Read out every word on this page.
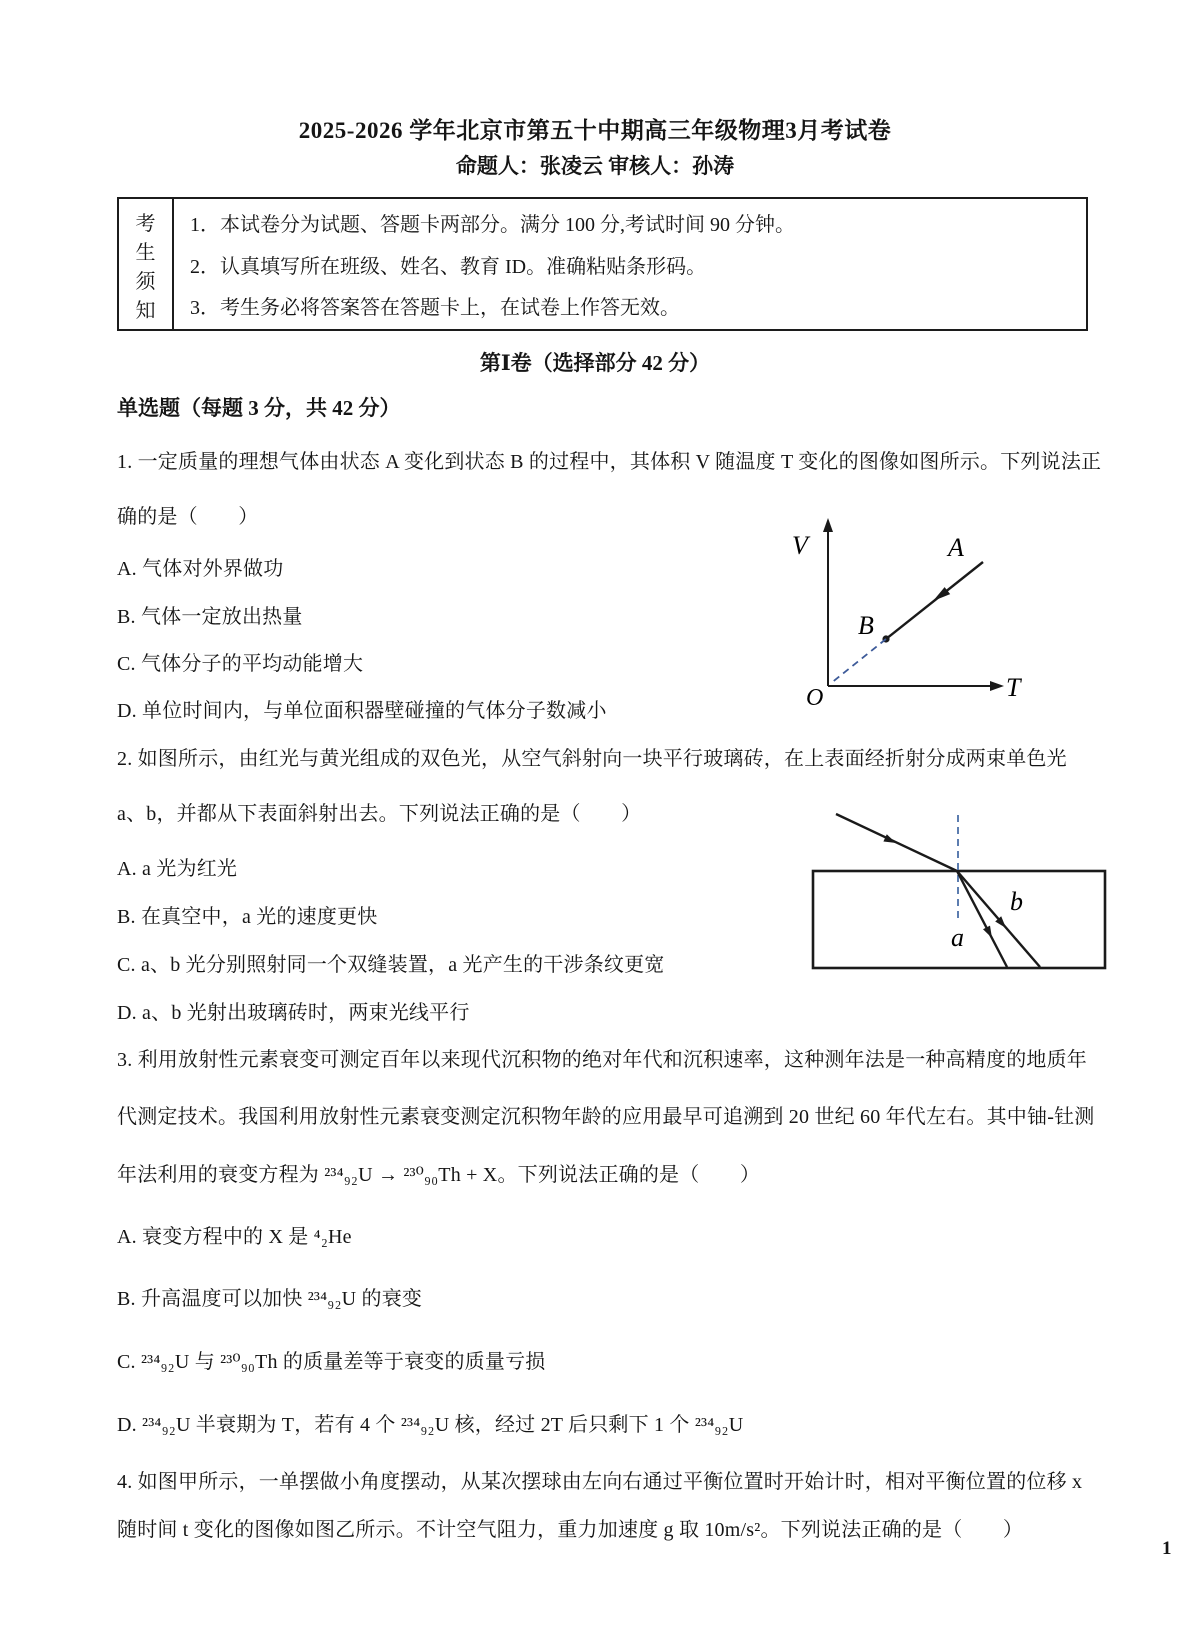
2025-2026 学年北京市第五十中期高三年级物理3月考试卷
命题人：张凌云 审核人：孙涛
考
生
须
知
1．本试卷分为试题、答题卡两部分。满分 100 分,考试时间 90 分钟。
2．认真填写所在班级、姓名、教育 ID。准确粘贴条形码。
3．考生务必将答案答在答题卡上，在试卷上作答无效。
第Ⅰ卷（选择部分 42 分）
单选题（每题 3 分，共 42 分）
1. 一定质量的理想气体由状态 A 变化到状态 B 的过程中，其体积 V 随温度 T 变化的图像如图所示。下列说法正
确的是（　　）
A. 气体对外界做功
B. 气体一定放出热量
C. 气体分子的平均动能增大
D. 单位时间内，与单位面积器壁碰撞的气体分子数减小
V
T
O
A
B
2. 如图所示，由红光与黄光组成的双色光，从空气斜射向一块平行玻璃砖，在上表面经折射分成两束单色光
a、b，并都从下表面斜射出去。下列说法正确的是（　　）
A. a 光为红光
B. 在真空中，a 光的速度更快
C. a、b 光分别照射同一个双缝装置，a 光产生的干涉条纹更宽
D. a、b 光射出玻璃砖时，两束光线平行
a
b
3. 利用放射性元素衰变可测定百年以来现代沉积物的绝对年代和沉积速率，这种测年法是一种高精度的地质年
代测定技术。我国利用放射性元素衰变测定沉积物年龄的应用最早可追溯到 20 世纪 60 年代左右。其中铀-钍测
年法利用的衰变方程为 ²³⁴₉₂U → ²³⁰₉₀Th + X。下列说法正确的是（　　）
A. 衰变方程中的 X 是 ⁴₂He
B. 升高温度可以加快 ²³⁴₉₂U 的衰变
C. ²³⁴₉₂U 与 ²³⁰₉₀Th 的质量差等于衰变的质量亏损
D. ²³⁴₉₂U 半衰期为 T，若有 4 个 ²³⁴₉₂U 核，经过 2T 后只剩下 1 个 ²³⁴₉₂U
4. 如图甲所示，一单摆做小角度摆动，从某次摆球由左向右通过平衡位置时开始计时，相对平衡位置的位移 x
随时间 t 变化的图像如图乙所示。不计空气阻力，重力加速度 g 取 10m/s²。下列说法正确的是（　　）
1
